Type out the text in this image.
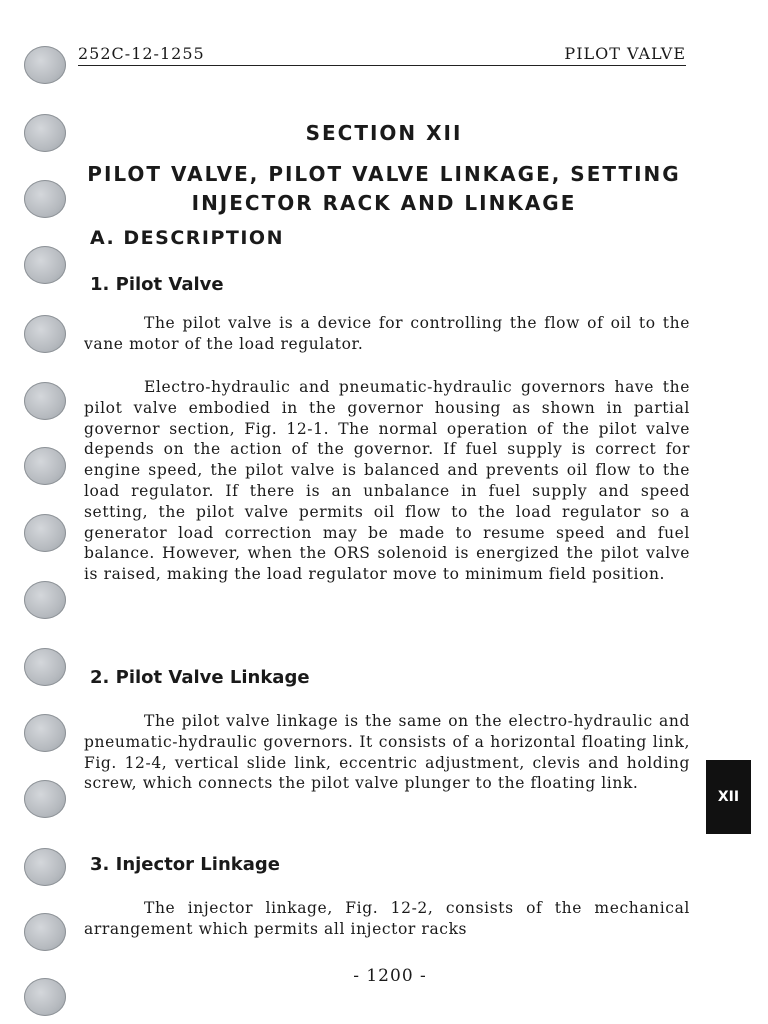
252C-12-1255	PILOT VALVE
SECTION XII
PILOT VALVE, PILOT VALVE LINKAGE, SETTING INJECTOR RACK AND LINKAGE
A. DESCRIPTION
1. Pilot Valve

The pilot valve is a device for controlling the flow of oil to the vane motor of the load regulator.

Electro-hydraulic and pneumatic-hydraulic governors have the pilot valve embodied in the governor housing as shown in partial governor section, Fig. 12-1. The normal operation of the pilot valve depends on the action of the governor. If fuel supply is correct for engine speed, the pilot valve is balanced and prevents oil flow to the load regulator. If there is an unbalance in fuel supply and speed setting, the pilot valve permits oil flow to the load regulator so a generator load correction may be made to resume speed and fuel balance. However, when the ORS solenoid is energized the pilot valve is raised, making the load regulator move to minimum field position.

2. Pilot Valve Linkage

The pilot valve linkage is the same on the electro-hydraulic and pneumatic-hydraulic governors. It consists of a horizontal floating link, Fig. 12-4, vertical slide link, eccentric adjustment, clevis and holding screw, which connects the pilot valve plunger to the floating link.

3. Injector Linkage

The injector linkage, Fig. 12-2, consists of the mechanical arrangement which permits all injector racks

XII
- 1200 -
